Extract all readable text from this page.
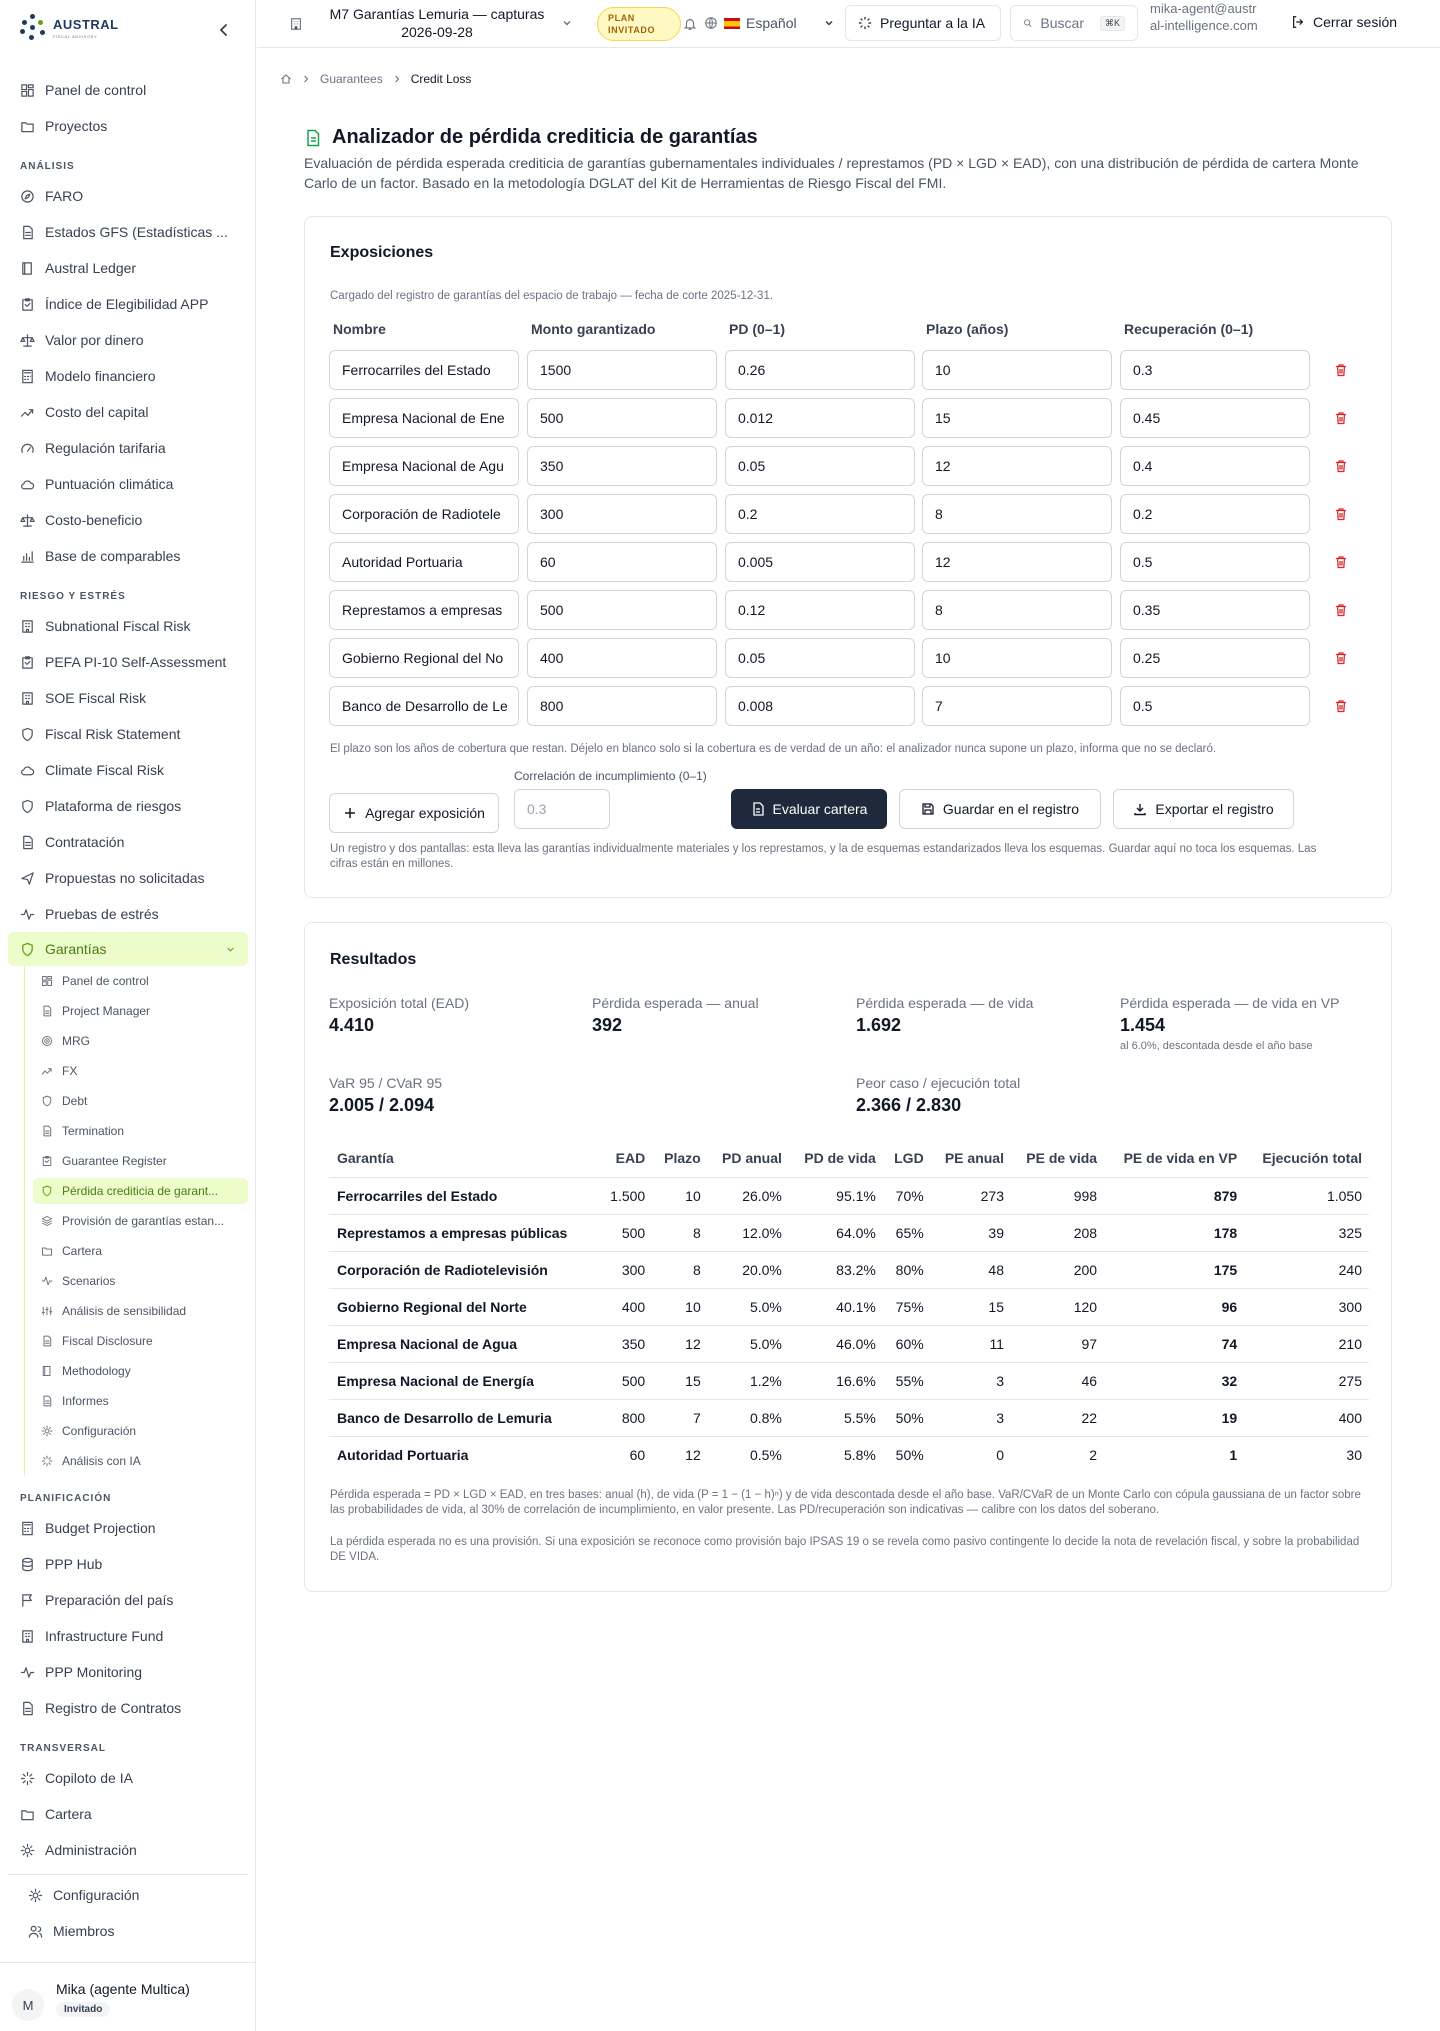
AUSTRAL
FISCAL ADVISORY
Panel de control
Proyectos
ANÁLISIS
FARO
Estados GFS (Estadísticas ...
Austral Ledger
Índice de Elegibilidad APP
Valor por dinero
Modelo financiero
Costo del capital
Regulación tarifaria
Puntuación climática
Costo-beneficio
Base de comparables
RIESGO Y ESTRÉS
Subnational Fiscal Risk
PEFA PI-10 Self-Assessment
SOE Fiscal Risk
Fiscal Risk Statement
Climate Fiscal Risk
Plataforma de riesgos
Contratación
Propuestas no solicitadas
Pruebas de estrés
Garantías
Panel de control
Project Manager
MRG
FX
Debt
Termination
Guarantee Register
Pérdida crediticia de garant...
Provisión de garantías estan...
Cartera
Scenarios
Análisis de sensibilidad
Fiscal Disclosure
Methodology
Informes
Configuración
Análisis con IA
PLANIFICACIÓN
Budget Projection
PPP Hub
Preparación del país
Infrastructure Fund
PPP Monitoring
Registro de Contratos
TRANSVERSAL
Copiloto de IA
Cartera
Administración
Configuración
Miembros
M
Mika (agente Multica)
Invitado
M7 Garantías Lemuria — capturas 2026-09-28
PLAN INVITADO	Español	Preguntar a la IA	Buscar	⌘K
mika-agent@austral-intelligence.com	Cerrar sesión
Guarantees Credit Loss
Analizador de pérdida crediticia de garantías

Evaluación de pérdida esperada crediticia de garantías gubernamentales individuales / represtamos (PD × LGD × EAD), con una distribución de pérdida de cartera Monte Carlo de un factor. Basado en la metodología DGLAT del Kit de Herramientas de Riesgo Fiscal del FMI.

Exposiciones
Cargado del registro de garantías del espacio de trabajo — fecha de corte 2025-12-31.
Nombre	Monto garantizado	PD (0–1)	Plazo (años)	Recuperación (0–1)
Ferrocarriles del Estado	1500	0.26	10	0.3
Empresa Nacional de Ene	500	0.012	15	0.45
Empresa Nacional de Agu	350	0.05	12	0.4
Corporación de Radiotele	300	0.2	8	0.2
Autoridad Portuaria	60	0.005	12	0.5
Represtamos a empresas	500	0.12	8	0.35
Gobierno Regional del No	400	0.05	10	0.25
Banco de Desarrollo de Le	800	0.008	7	0.5
El plazo son los años de cobertura que restan. Déjelo en blanco solo si la cobertura es de verdad de un año: el analizador nunca supone un plazo, informa que no se declaró.
Agregar exposición
Correlación de incumplimiento (0–1)
0.3	Evaluar cartera	Guardar en el registro	Exportar el registro
Un registro y dos pantallas: esta lleva las garantías individualmente materiales y los represtamos, y la de esquemas estandarizados lleva los esquemas. Guardar aquí no toca los esquemas. Las cifras están en millones.
Resultados
Exposición total (EAD)
4.410
Pérdida esperada — anual
392
Pérdida esperada — de vida
1.692
Pérdida esperada — de vida en VP
1.454
al 6.0%, descontada desde el año base
VaR 95 / CVaR 95
2.005 / 2.094
Peor caso / ejecución total
2.366 / 2.830
Garantía	EAD	Plazo	PD anual	PD de vida	LGD	PE anual	PE de vida	PE de vida en VP	Ejecución total
Ferrocarriles del Estado	1.500	10	26.0%	95.1%	70%	273	998	879	1.050
Represtamos a empresas públicas	500	8	12.0%	64.0%	65%	39	208	178	325
Corporación de Radiotelevisión	300	8	20.0%	83.2%	80%	48	200	175	240
Gobierno Regional del Norte	400	10	5.0%	40.1%	75%	15	120	96	300
Empresa Nacional de Agua	350	12	5.0%	46.0%	60%	11	97	74	210
Empresa Nacional de Energía	500	15	1.2%	16.6%	55%	3	46	32	275
Banco de Desarrollo de Lemuria	800	7	0.8%	5.5%	50%	3	22	19	400
Autoridad Portuaria	60	12	0.5%	5.8%	50%	0	2	1	30
Pérdida esperada = PD × LGD × EAD, en tres bases: anual (h), de vida (P = 1 − (1 − h)ⁿ) y de vida descontada desde el año base. VaR/CVaR de un Monte Carlo con cópula gaussiana de un factor sobre las probabilidades de vida, al 30% de correlación de incumplimiento, en valor presente. Las PD/recuperación son indicativas — calibre con los datos del soberano.
La pérdida esperada no es una provisión. Si una exposición se reconoce como provisión bajo IPSAS 19 o se revela como pasivo contingente lo decide la nota de revelación fiscal, y sobre la probabilidad DE VIDA.
